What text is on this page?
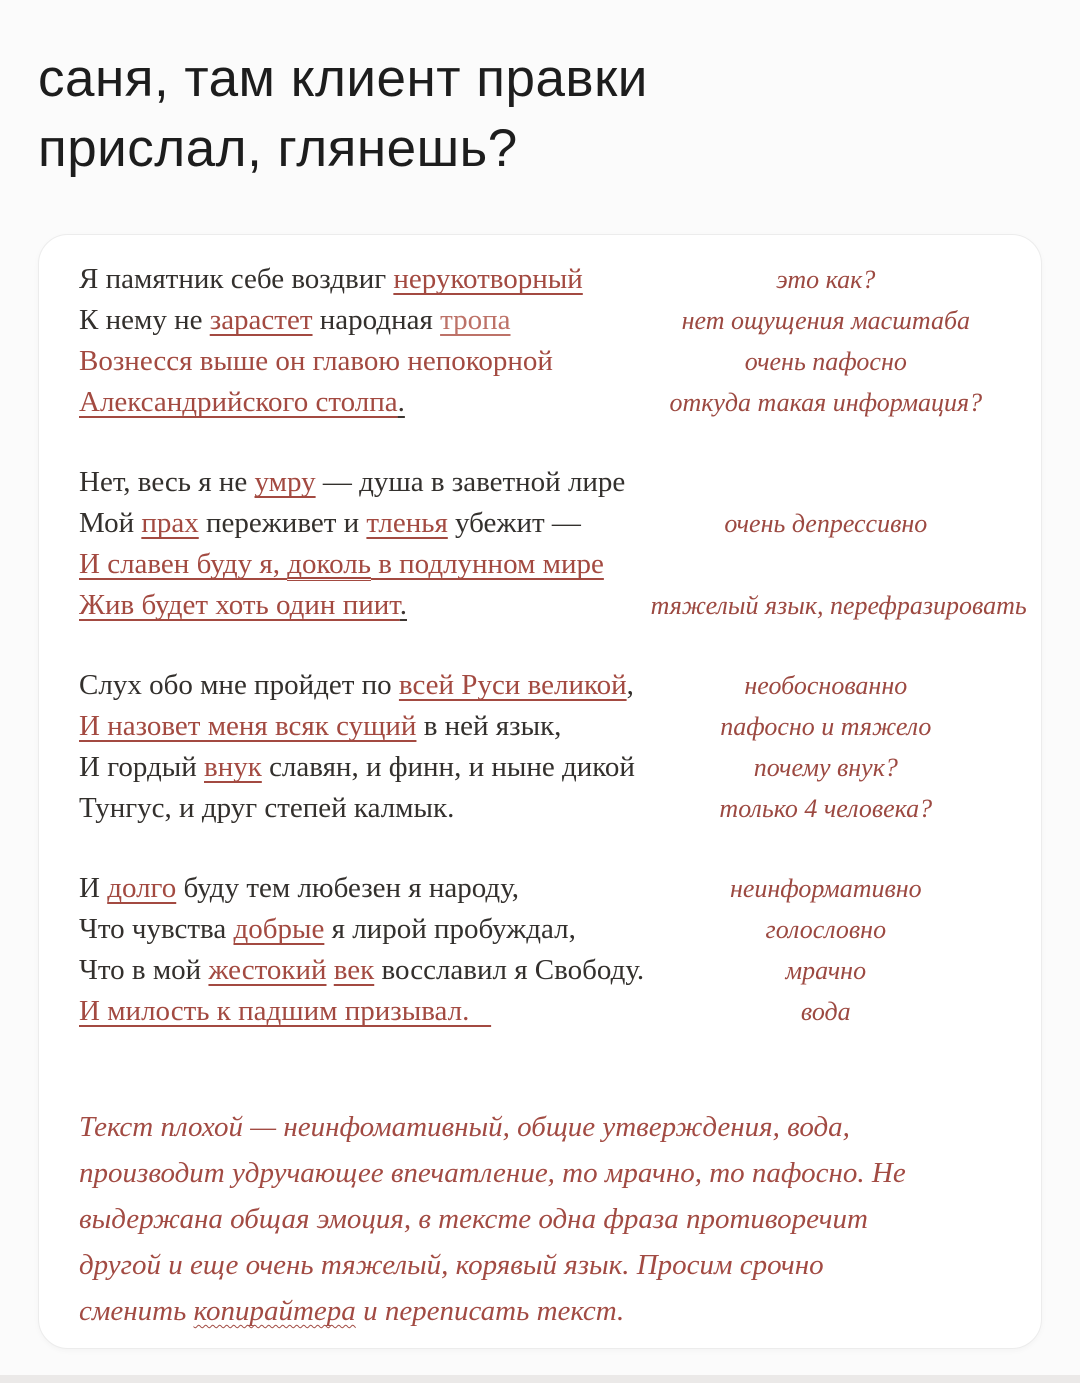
саня, там клиент правки
прислал, глянешь?
Я памятник себе воздвиг нерукотворный	это как?
К нему не зарастет народная тропа	нет ощущения масштаба
Вознесся выше он главою непокорной	очень пафосно
Александрийского столпа.	откуда такая информация?
Нет, весь я не умру — душа в заветной лире
Мой прах переживет и тленья убежит —	очень депрессивно
И славен буду я, доколь в подлунном мире
Жив будет хоть один пиит.	тяжелый язык, перефразировать
Слух обо мне пройдет по всей Руси великой,	необоснованно
И назовет меня всяк сущий в ней язык,	пафосно и тяжело
И гордый внук славян, и финн, и ныне дикой	почему внук?
Тунгус, и друг степей калмык.	только 4 человека?
И долго буду тем любезен я народу,	неинформативно
Что чувства добрые я лирой пробуждал,	голословно
Что в мой жестокий век восславил я Свободу.	мрачно
И милость к падшим призывал.	вода

Текст плохой — неинфомативный, общие утверждения, вода, производит удручающее впечатление, то мрачно, то пафосно. Не выдержана общая эмоция, в тексте одна фраза противоречит другой и еще очень тяжелый, корявый язык. Просим срочно сменить копирайтера и переписать текст.
